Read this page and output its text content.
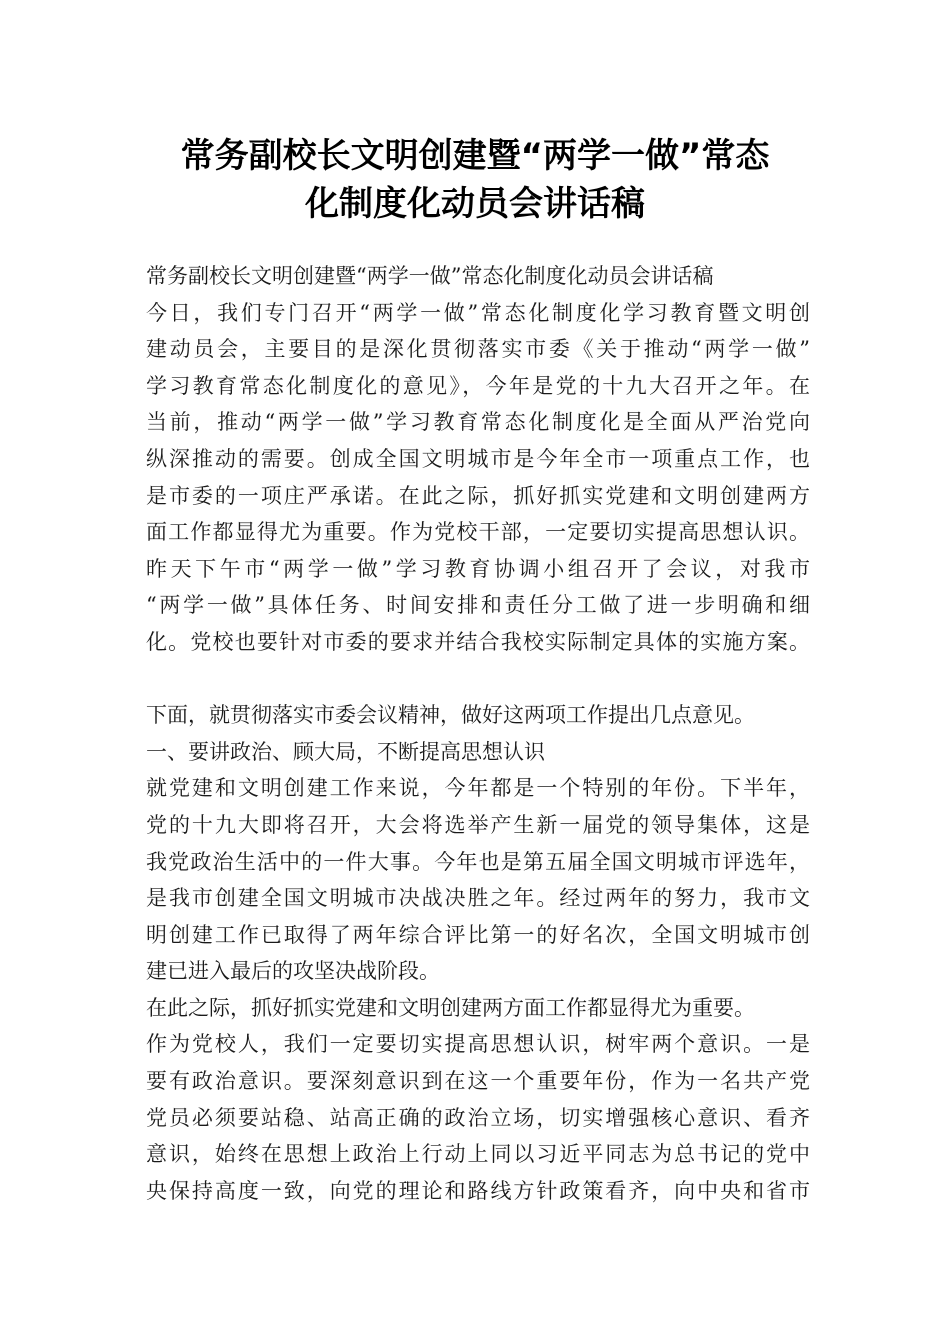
常务副校长文明创建暨“两学一做”常态
化制度化动员会讲话稿
常务副校长文明创建暨“两学一做”常态化制度化动员会讲话稿
今日，我们专门召开“两学一做”常态化制度化学习教育暨文明创
建动员会，主要目的是深化贯彻落实市委《关于推动“两学一做”
学习教育常态化制度化的意见》，今年是党的十九大召开之年。在
当前，推动“两学一做”学习教育常态化制度化是全面从严治党向
纵深推动的需要。创成全国文明城市是今年全市一项重点工作，也
是市委的一项庄严承诺。在此之际，抓好抓实党建和文明创建两方
面工作都显得尤为重要。作为党校干部，一定要切实提高思想认识。
昨天下午市“两学一做”学习教育协调小组召开了会议，对我市
“两学一做”具体任务、时间安排和责任分工做了进一步明确和细
化。党校也要针对市委的要求并结合我校实际制定具体的实施方案。
下面，就贯彻落实市委会议精神，做好这两项工作提出几点意见。
一、要讲政治、顾大局，不断提高思想认识
就党建和文明创建工作来说，今年都是一个特别的年份。下半年，
党的十九大即将召开，大会将选举产生新一届党的领导集体，这是
我党政治生活中的一件大事。今年也是第五届全国文明城市评选年，
是我市创建全国文明城市决战决胜之年。经过两年的努力，我市文
明创建工作已取得了两年综合评比第一的好名次，全国文明城市创
建已进入最后的攻坚决战阶段。
在此之际，抓好抓实党建和文明创建两方面工作都显得尤为重要。
作为党校人，我们一定要切实提高思想认识，树牢两个意识。一是
要有政治意识。要深刻意识到在这一个重要年份，作为一名共产党
党员必须要站稳、站高正确的政治立场，切实增强核心意识、看齐
意识，始终在思想上政治上行动上同以习近平同志为总书记的党中
央保持高度一致，向党的理论和路线方针政策看齐，向中央和省市
